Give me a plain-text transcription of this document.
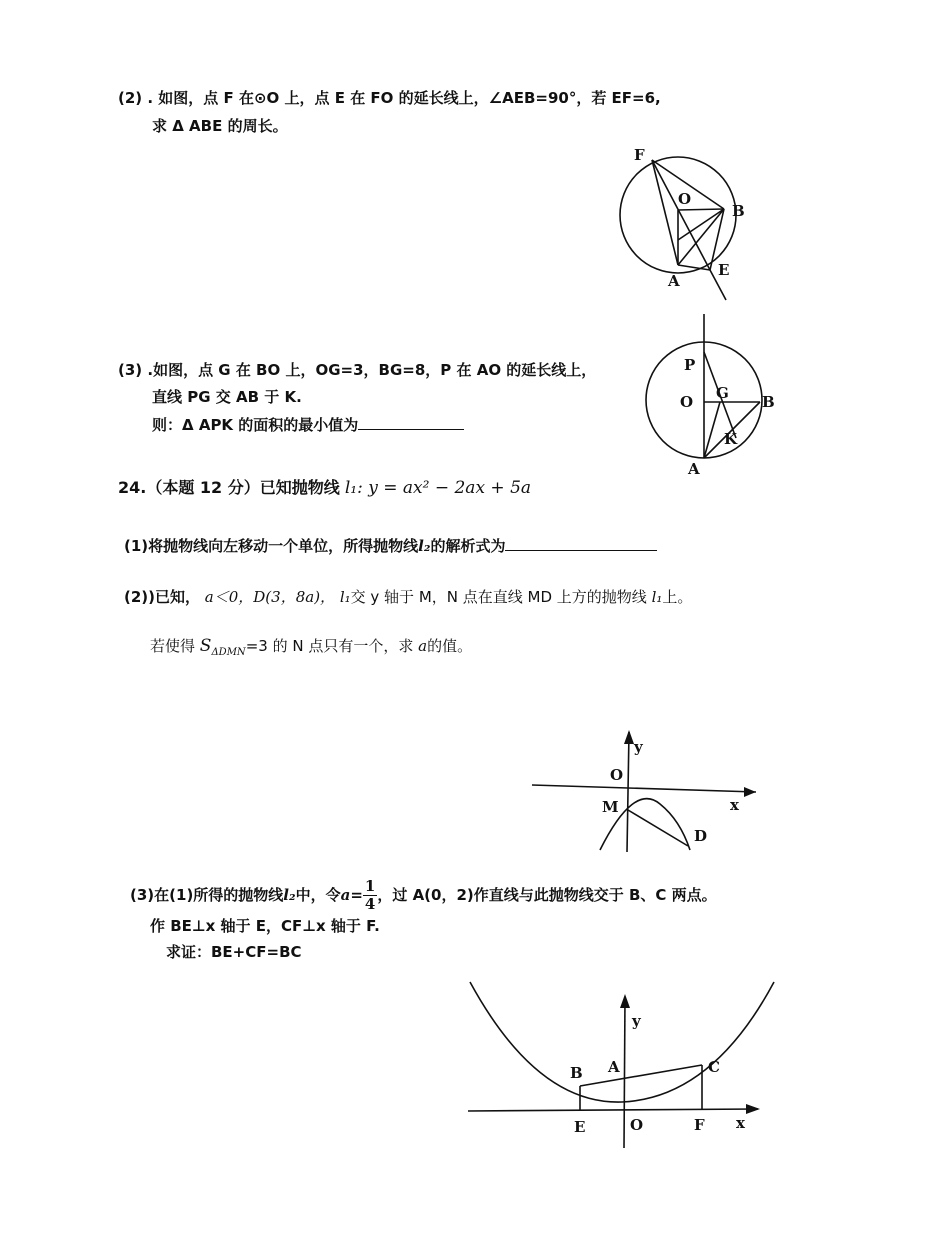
(2) . 如图，点 F 在⊙O 上，点 E 在 FO 的延长线上，∠AEB=90°，若 EF=6,
求 Δ ABE 的周长。
F
O
B
A
E
(3) .如图，点 G 在 BO 上，OG=3，BG=8，P 在 AO 的延长线上，
直线 PG 交 AB 于 K.
则：Δ APK 的面积的最小值为
P
O G B
K
A
24.（本题 12 分）已知抛物线 l₁: y = ax² − 2ax + 5a
(1)将抛物线向左移动一个单位，所得抛物线l₂的解析式为
(2))已知， a＜0，D(3，8a)， l₁交 y 轴于 M，N 点在直线 MD 上方的抛物线 l₁上。
若使得 $S_{\Delta DMN}=3$ 的 N 点只有一个，求 a的值。
y
O
x
M
D
(3)在(1)所得的抛物线l₂中，令$a= \frac{1}{4}$ ，过 A(0，2)作直线与此抛物线交于 B、C 两点。
作 BE⊥x 轴于 E，CF⊥x 轴于 F.
求证：BE+CF=BC
y
A
B	C
E	O	F x
